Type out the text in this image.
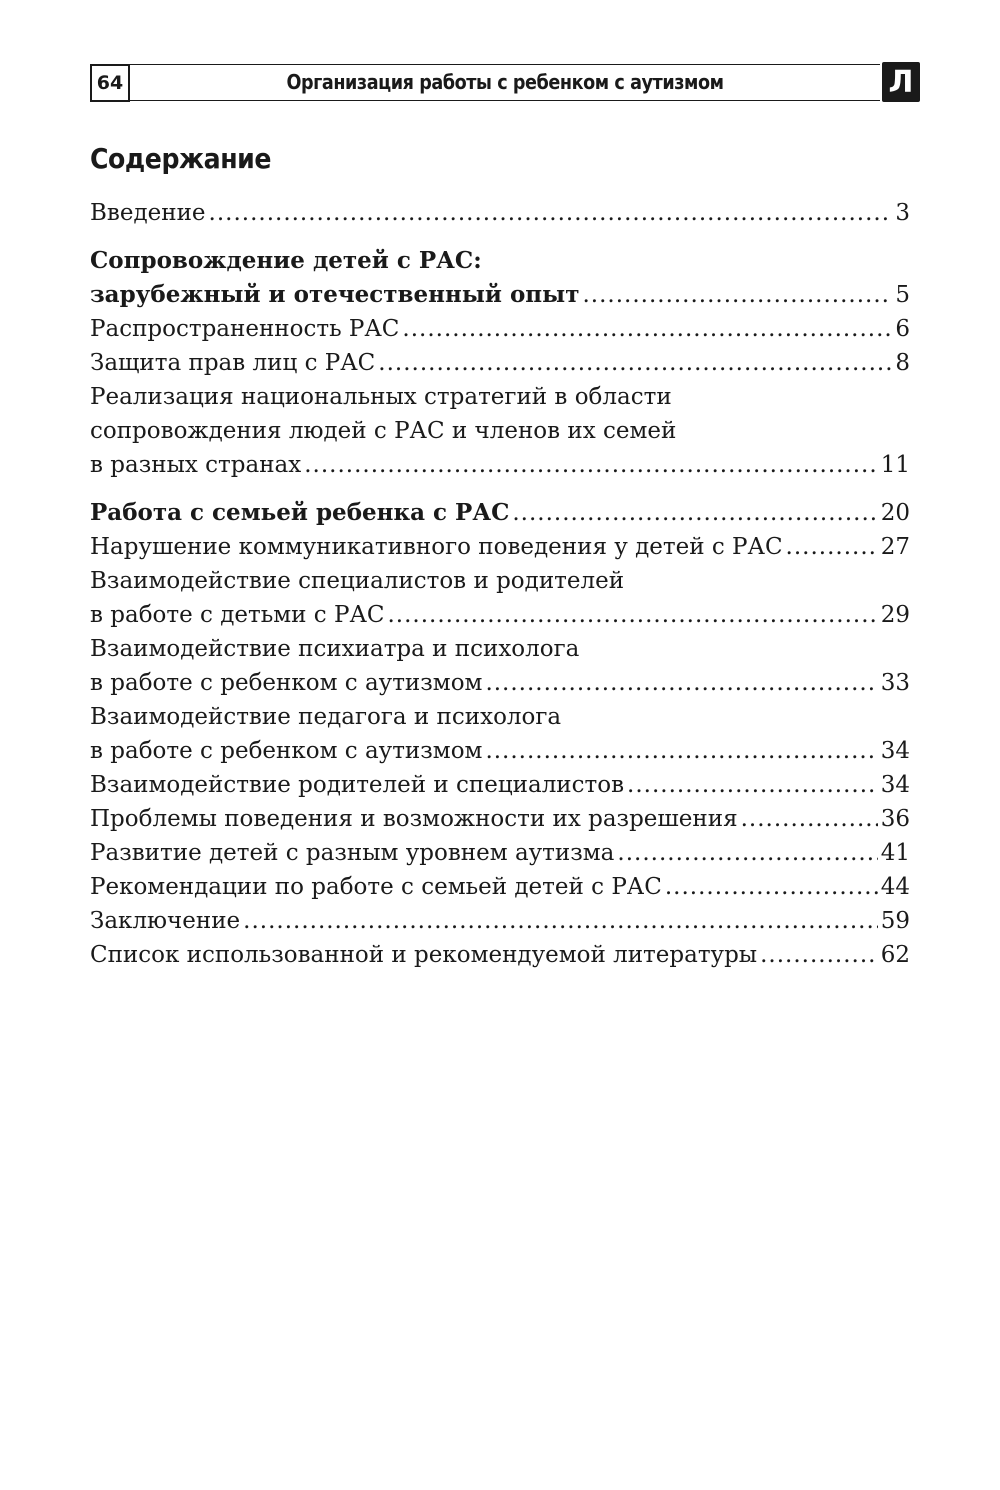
64	Организация работы с ребенком с аутизмом	Л
Содержание
Введение .....	3
Сопровождение детей с РАС:
зарубежный и отечественный опыт .....	5
Распространенность РАС .....	6
Защита прав лиц с РАС .....	8
Реализация национальных стратегий в области
сопровождения людей с РАС и членов их семей
в разных странах .....	11
Работа с семьей ребенка с РАС .....	20
Нарушение коммуникативного поведения у детей с РАС .....	27
Взаимодействие специалистов и родителей
в работе с детьми с РАС .....	29
Взаимодействие психиатра и психолога
в работе с ребенком с аутизмом .....	33
Взаимодействие педагога и психолога
в работе с ребенком с аутизмом .....	34
Взаимодействие родителей и специалистов .....	34
Проблемы поведения и возможности их разрешения .....	36
Развитие детей с разным уровнем аутизма .....	41
Рекомендации по работе с семьей детей с РАС .....	44
Заключение .....	59
Список использованной и рекомендуемой литературы .....	62
